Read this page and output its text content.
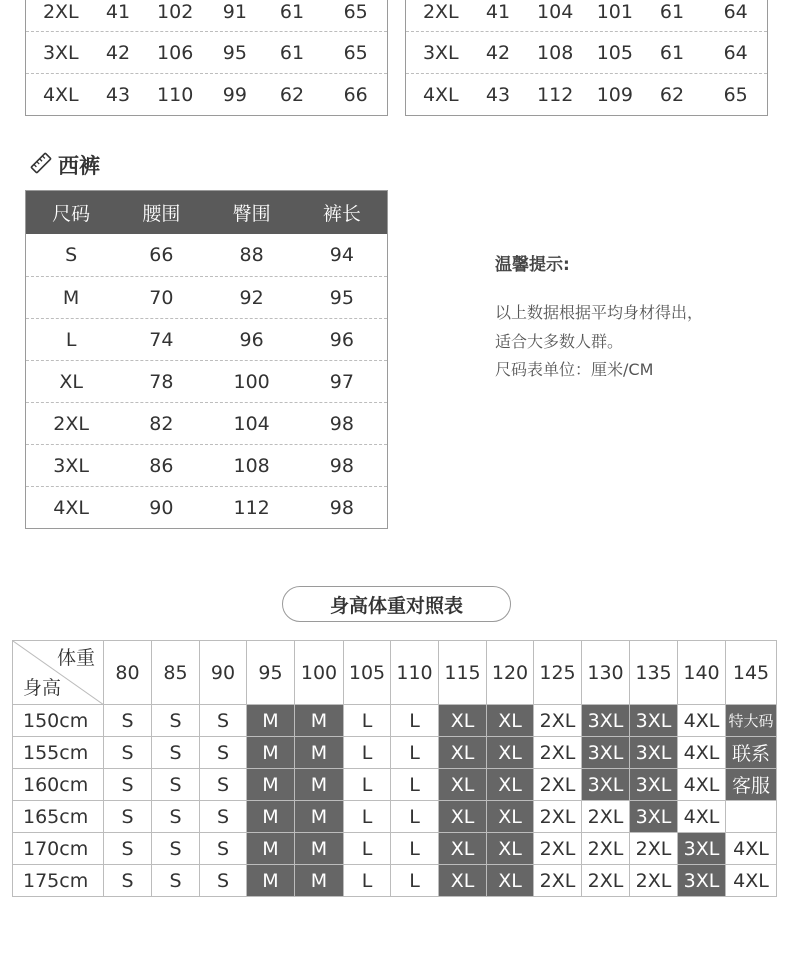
2XL	41	102	91	61	65
3XL	42	106	95	61	65
4XL	43	110	99	62	66
2XL	41	104	101	61	64
3XL	42	108	105	61	64
4XL	43	112	109	62	65
西裤
尺码	腰围	臀围	裤长
S	66	88	94
M	70	92	95
L	74	96	96
XL	78	100	97
2XL	82	104	98
3XL	86	108	98
4XL	90	112	98
温馨提示:
以上数据根据平均身材得出，
适合大多数人群。
尺码表单位：厘米/CM
身高体重对照表
体重
身高	80	85	90	95	100	105	110	115	120	125	130	135	140	145
150cm	S	S	S	M	M	L	L	XL	XL	2XL	3XL	3XL	4XL	特大码
155cm	S	S	S	M	M	L	L	XL	XL	2XL	3XL	3XL	4XL	联系
160cm	S	S	S	M	M	L	L	XL	XL	2XL	3XL	3XL	4XL	客服
165cm	S	S	S	M	M	L	L	XL	XL	2XL	2XL	3XL	4XL	
170cm	S	S	S	M	M	L	L	XL	XL	2XL	2XL	2XL	3XL	4XL
175cm	S	S	S	M	M	L	L	XL	XL	2XL	2XL	2XL	3XL	4XL
